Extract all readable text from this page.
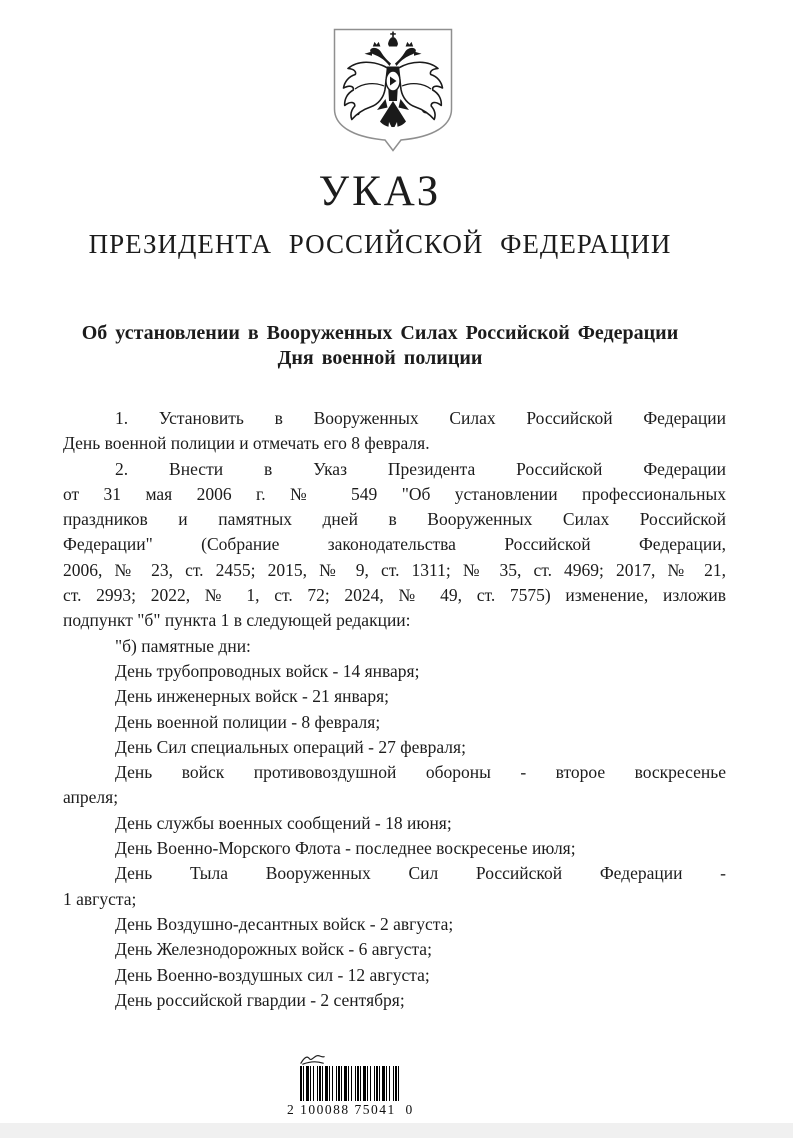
УКАЗ
ПРЕЗИДЕНТА РОССИЙСКОЙ ФЕДЕРАЦИИ
Об установлении в Вооруженных Силах Российской Федерации
Дня военной полиции
1. Установить в Вооруженных Силах Российской Федерации
День военной полиции и отмечать его 8 февраля.
2. Внести в Указ Президента Российской Федерации
от 31 мая 2006 г. № 549 "Об установлении профессиональных
праздников и памятных дней в Вооруженных Силах Российской
Федерации" (Собрание законодательства Российской Федерации,
2006, № 23, ст. 2455; 2015, № 9, ст. 1311; № 35, ст. 4969; 2017, № 21,
ст. 2993; 2022, № 1, ст. 72; 2024, № 49, ст. 7575) изменение, изложив
подпункт "б" пункта 1 в следующей редакции:
"б) памятные дни:
День трубопроводных войск - 14 января;
День инженерных войск - 21 января;
День военной полиции - 8 февраля;
День Сил специальных операций - 27 февраля;
День войск противовоздушной обороны - второе воскресенье
апреля;
День службы военных сообщений - 18 июня;
День Военно-Морского Флота - последнее воскресенье июля;
День Тыла Вооруженных Сил Российской Федерации -
1 августа;
День Воздушно-десантных войск - 2 августа;
День Железнодорожных войск - 6 августа;
День Военно-воздушных сил - 12 августа;
День российской гвардии - 2 сентября;
2 100088 75041  0
